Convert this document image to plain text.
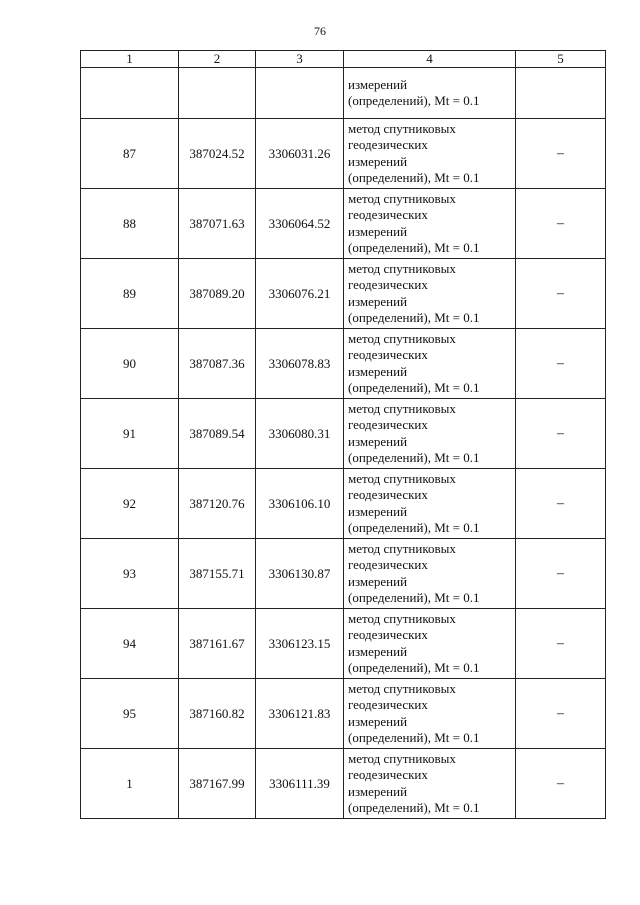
76
1	2	3	4	5

			измерений
(определений), Mt = 0.1	

87	387024.52	3306031.26	метод спутниковых
геодезических
измерений
(определений), Mt = 0.1	–
88	387071.63	3306064.52	метод спутниковых
геодезических
измерений
(определений), Mt = 0.1	–
89	387089.20	3306076.21	метод спутниковых
геодезических
измерений
(определений), Mt = 0.1	–
90	387087.36	3306078.83	метод спутниковых
геодезических
измерений
(определений), Mt = 0.1	–
91	387089.54	3306080.31	метод спутниковых
геодезических
измерений
(определений), Mt = 0.1	–
92	387120.76	3306106.10	метод спутниковых
геодезических
измерений
(определений), Mt = 0.1	–
93	387155.71	3306130.87	метод спутниковых
геодезических
измерений
(определений), Mt = 0.1	–
94	387161.67	3306123.15	метод спутниковых
геодезических
измерений
(определений), Mt = 0.1	–
95	387160.82	3306121.83	метод спутниковых
геодезических
измерений
(определений), Mt = 0.1	–
1	387167.99	3306111.39	метод спутниковых
геодезических
измерений
(определений), Mt = 0.1	–
